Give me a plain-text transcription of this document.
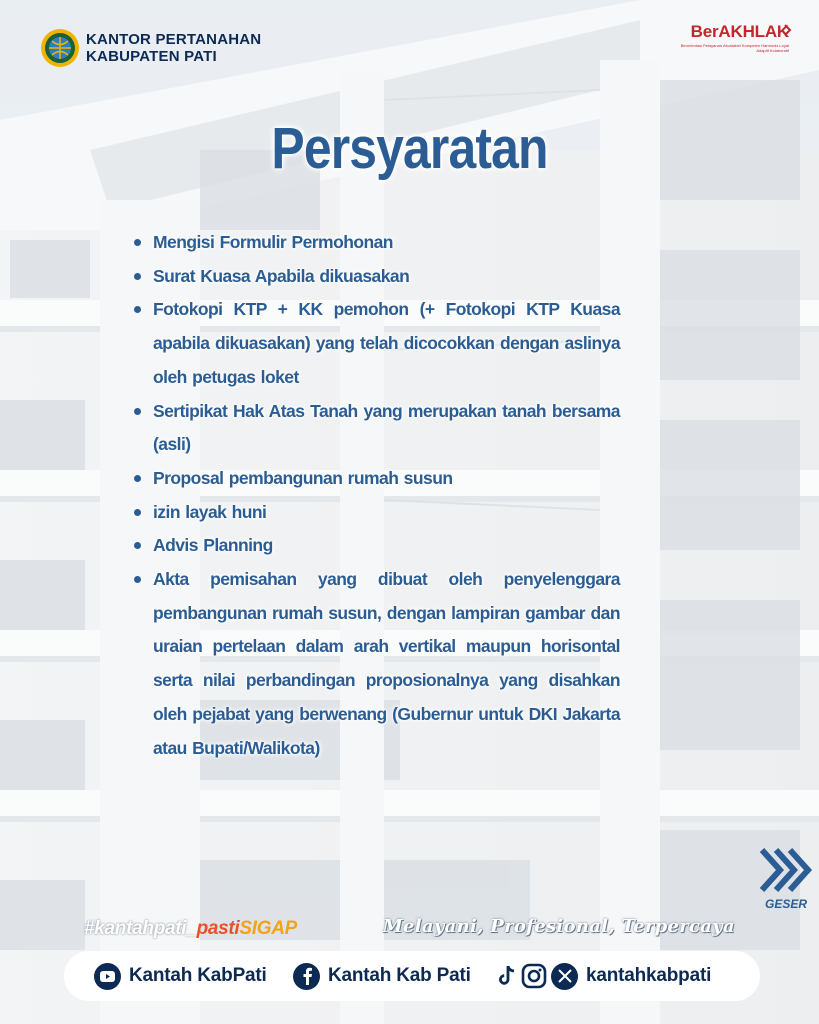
KANTOR PERTANAHAN
KABUPATEN PATI
BerAKHLAK
Berorientasi Pelayanan Akuntabel Kompeten Harmonis Loyal Adaptif Kolaboratif
Persyaratan
Mengisi Formulir Permohonan
Surat Kuasa Apabila dikuasakan
Fotokopi KTP + KK pemohon (+ Fotokopi KTP Kuasa apabila dikuasakan) yang telah dicocokkan dengan aslinya oleh petugas loket
Sertipikat Hak Atas Tanah yang merupakan tanah bersama (asli)
Proposal pembangunan rumah susun
izin layak huni
Advis Planning
Akta pemisahan yang dibuat oleh penyelenggara pembangunan rumah susun, dengan lampiran gambar dan uraian pertelaan dalam arah vertikal maupun horisontal serta nilai perbandingan proposionalnya yang disahkan oleh pejabat yang berwenang (Gubernur untuk DKI Jakarta atau Bupati/Walikota)
GESER
#kantahpati_pastiSIGAP	Melayani, Profesional, Terpercaya
Kantah KabPati	Kantah Kab Pati	kantahkabpati
